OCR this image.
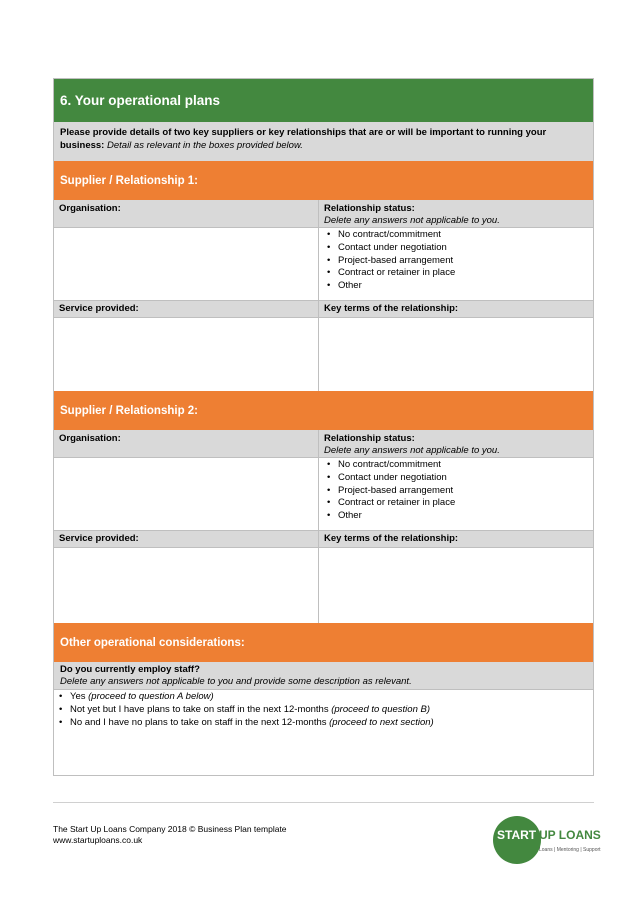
6. Your operational plans
Please provide details of two key suppliers or key relationships that are or will be important to running your business: Detail as relevant in the boxes provided below.
Supplier / Relationship 1:
Organisation:	Relationship status:
Delete any answers not applicable to you.
• No contract/commitment
• Contact under negotiation
• Project-based arrangement
• Contract or retainer in place
• Other
Service provided:	Key terms of the relationship:
Supplier / Relationship 2:
Organisation:	Relationship status:
Delete any answers not applicable to you.
• No contract/commitment
• Contact under negotiation
• Project-based arrangement
• Contract or retainer in place
• Other
Service provided:	Key terms of the relationship:
Other operational considerations:
Do you currently employ staff?
Delete any answers not applicable to you and provide some description as relevant.
• Yes (proceed to question A below)
• Not yet but I have plans to take on staff in the next 12-months (proceed to question B)
• No and I have no plans to take on staff in the next 12-months (proceed to next section)
The Start Up Loans Company 2018 © Business Plan template
www.startuploans.co.uk	START UP LOANS
Loans | Mentoring | Support
